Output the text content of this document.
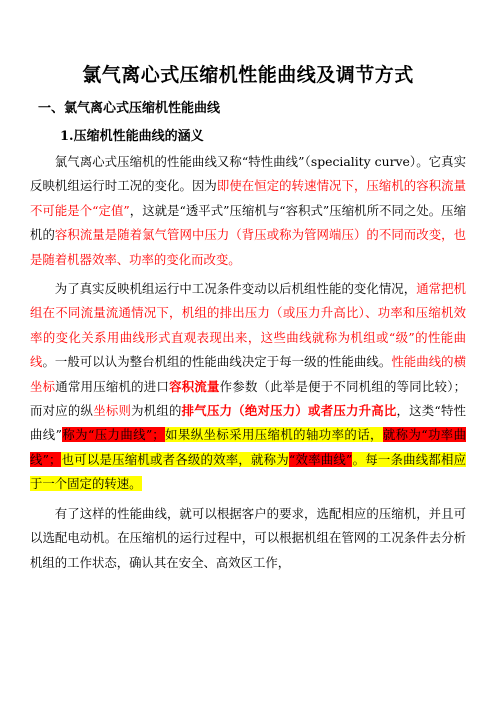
氯气离心式压缩机性能曲线及调节方式
一、氯气离心式压缩机性能曲线
1.压缩机性能曲线的涵义

氯气离心式压缩机的性能曲线又称“特性曲线”（speciality curve）。它真实反映机组运行时工况的变化。因为即使在恒定的转速情况下，压缩机的容积流量不可能是个“定值”，这就是“透平式”压缩机与“容积式”压缩机所不同之处。压缩机的容积流量是随着氯气管网中压力（背压或称为管网端压）的不同而改变，也是随着机器效率、功率的变化而改变。

为了真实反映机组运行中工况条件变动以后机组性能的变化情况，通常把机组在不同流量流通情况下，机组的排出压力（或压力升高比）、功率和压缩机效率的变化关系用曲线形式直观表现出来，这些曲线就称为机组或“级”的性能曲线。一般可以认为整台机组的性能曲线决定于每一级的性能曲线。性能曲线的横坐标通常用压缩机的进口容积流量作参数（此举是便于不同机组的等同比较）；而对应的纵坐标则为机组的排气压力（绝对压力）或者压力升高比，这类“特性曲线”称为“压力曲线”；如果纵坐标采用压缩机的轴功率的话，就称为“功率曲线”；也可以是压缩机或者各级的效率，就称为“效率曲线”。每一条曲线都相应于一个固定的转速。

有了这样的性能曲线，就可以根据客户的要求，选配相应的压缩机，并且可以选配电动机。在压缩机的运行过程中，可以根据机组在管网的工况条件去分析机组的工作状态，确认其在安全、高效区工作，
